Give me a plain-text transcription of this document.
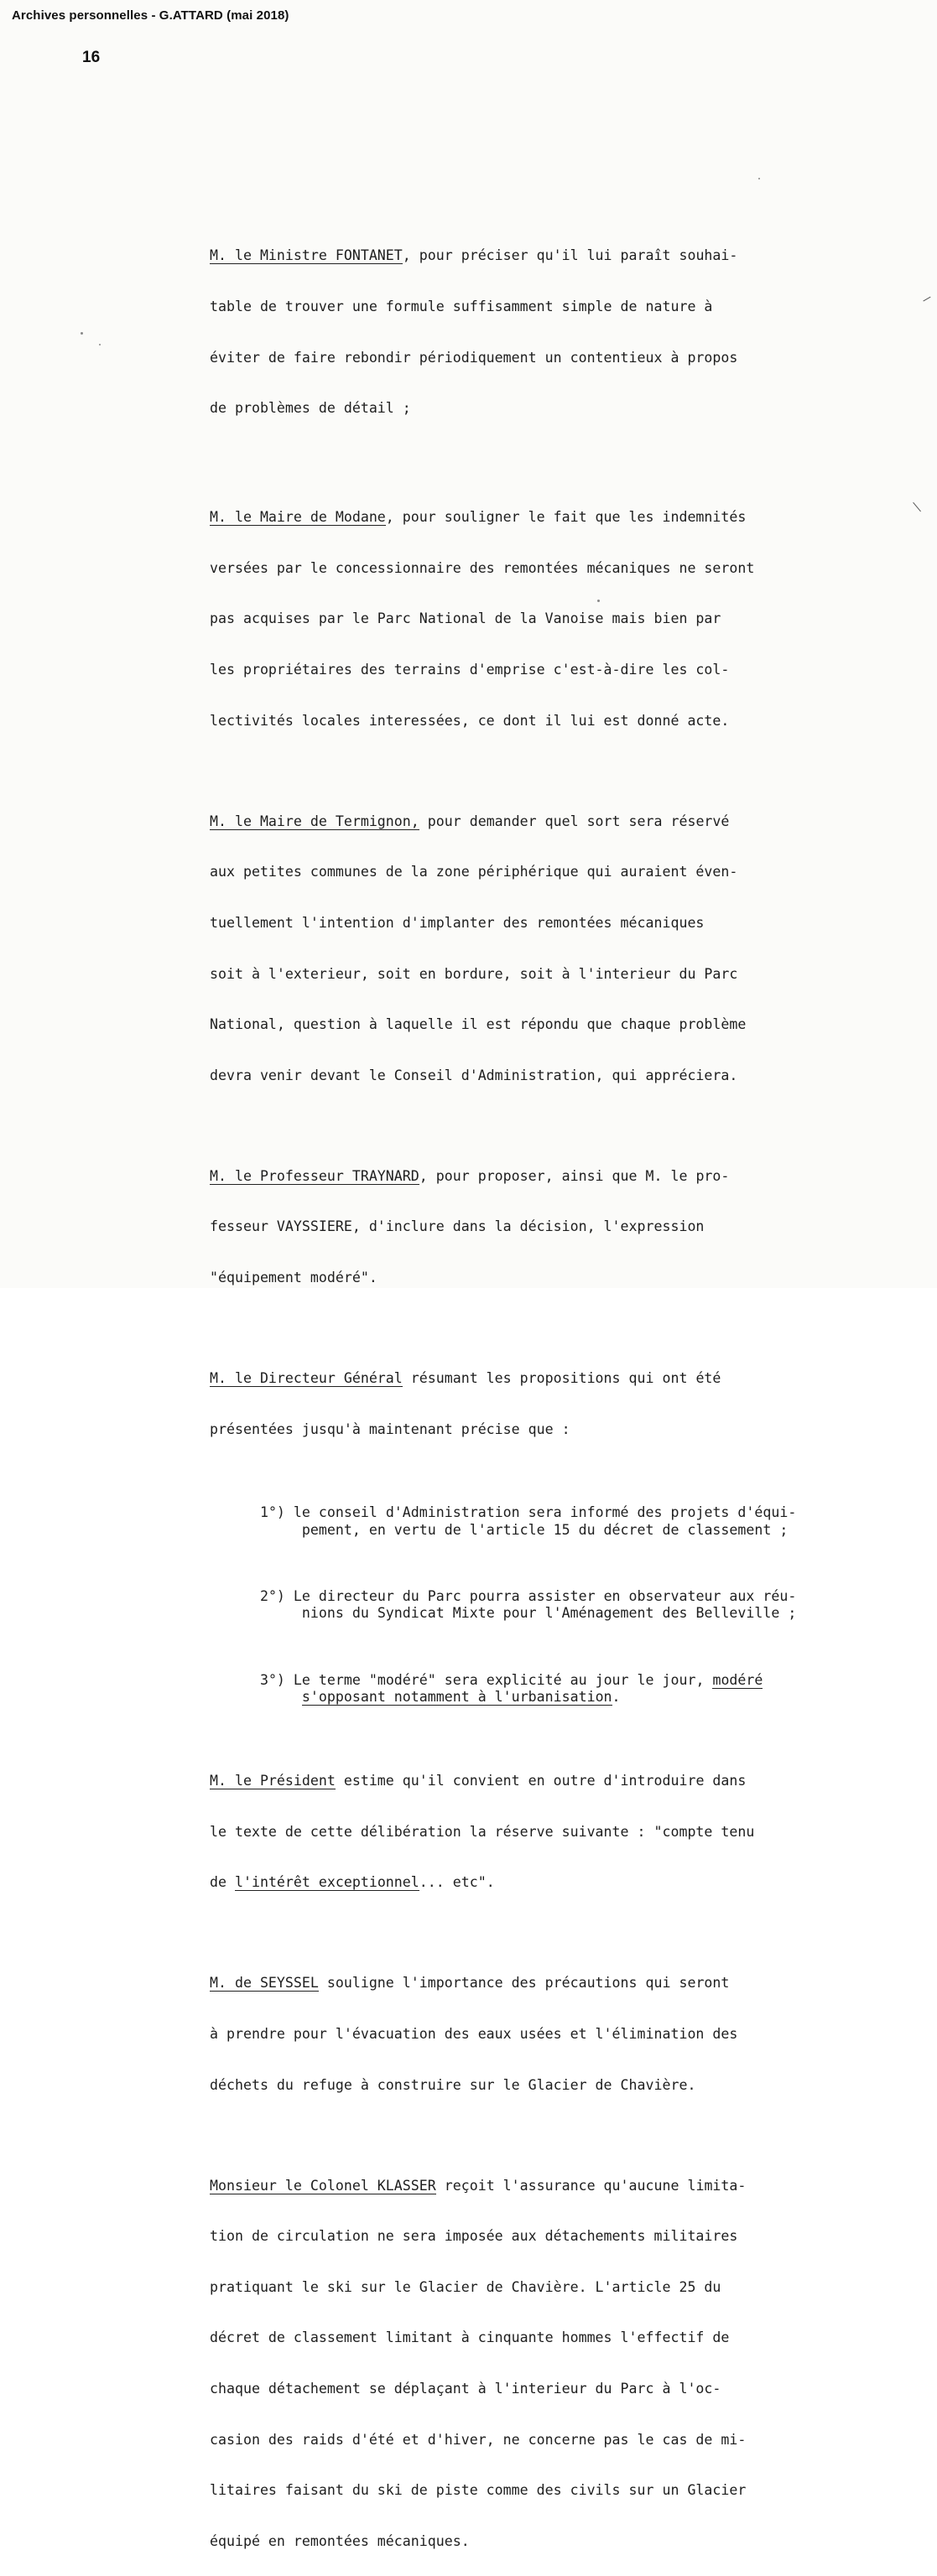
Archives personnelles - G.ATTARD (mai 2018)
16

M. le Ministre FONTANET, pour préciser qu'il lui paraît souhai-

table de trouver une formule suffisamment simple de nature à

éviter de faire rebondir périodiquement un contentieux à propos

de problèmes de détail ;

M. le Maire de Modane, pour souligner le fait que les indemnités

versées par le concessionnaire des remontées mécaniques ne seront

pas acquises par le Parc National de la Vanoise mais bien par

les propriétaires des terrains d'emprise c'est-à-dire les col-

lectivités locales interessées, ce dont il lui est donné acte.

M. le Maire de Termignon, pour demander quel sort sera réservé

aux petites communes de la zone périphérique qui auraient éven-

tuellement l'intention d'implanter des remontées mécaniques

soit à l'exterieur, soit en bordure, soit à l'interieur du Parc

National, question à laquelle il est répondu que chaque problème

devra venir devant le Conseil d'Administration, qui appréciera.

M. le Professeur TRAYNARD, pour proposer, ainsi que M. le pro-

fesseur VAYSSIERE, d'inclure dans la décision, l'expression

"équipement modéré".

M. le Directeur Général résumant les propositions qui ont été

présentées jusqu'à maintenant précise que :

1°) le conseil d'Administration sera informé des projets d'équi-
pement, en vertu de l'article 15 du décret de classement ;

2°) Le directeur du Parc pourra assister en observateur aux réu-
nions du Syndicat Mixte pour l'Aménagement des Belleville ;

3°) Le terme "modéré" sera explicité au jour le jour, modéré
s'opposant notamment à l'urbanisation.

M. le Président estime qu'il convient en outre d'introduire dans

le texte de cette délibération la réserve suivante : "compte tenu

de l'intérêt exceptionnel... etc".

M. de SEYSSEL souligne l'importance des précautions qui seront

à prendre pour l'évacuation des eaux usées et l'élimination des

déchets du refuge à construire sur le Glacier de Chavière.

Monsieur le Colonel KLASSER reçoit l'assurance qu'aucune limita-

tion de circulation ne sera imposée aux détachements militaires

pratiquant le ski sur le Glacier de Chavière. L'article 25 du

décret de classement limitant à cinquante hommes l'effectif de

chaque détachement se déplaçant à l'interieur du Parc à l'oc-

casion des raids d'été et d'hiver, ne concerne pas le cas de mi-

litaires faisant du ski de piste comme des civils sur un Glacier

équipé en remontées mécaniques.
